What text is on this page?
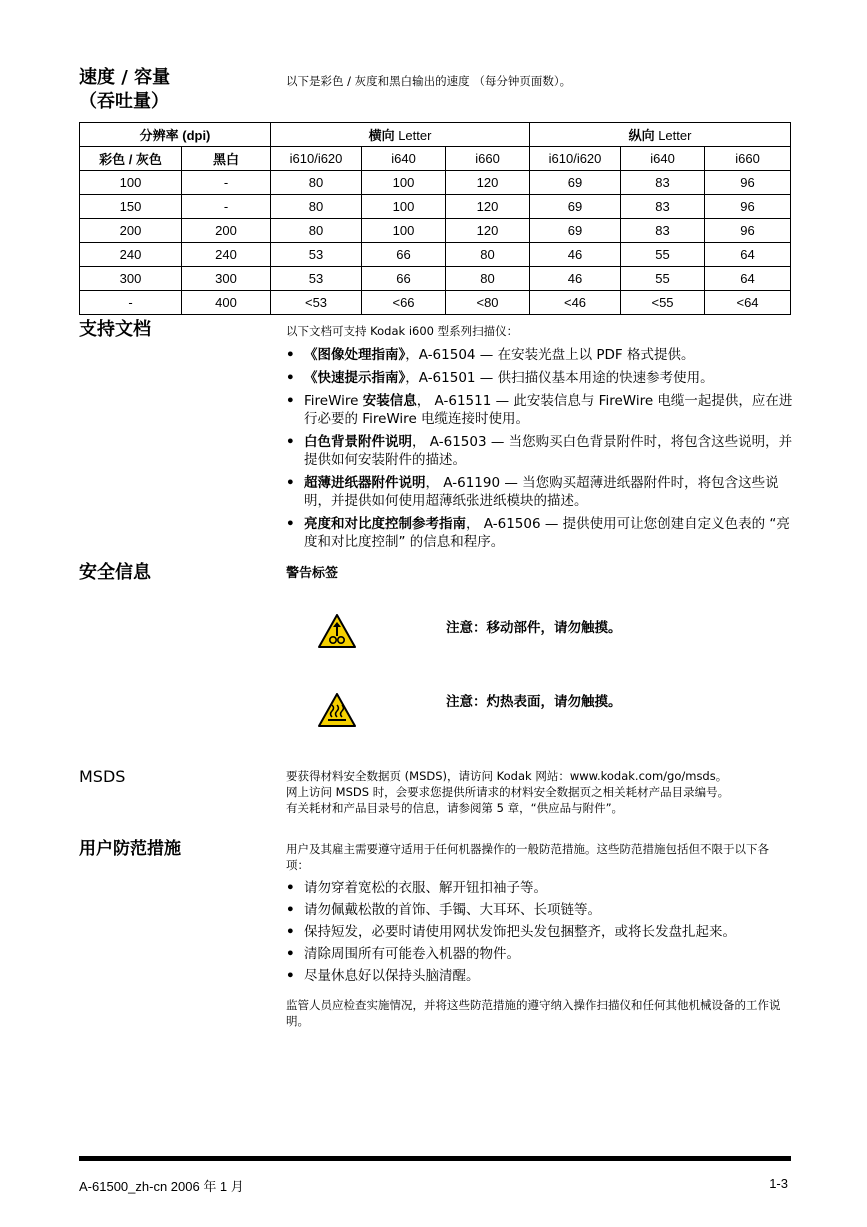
速度 / 容量
（吞吐量）
以下是彩色 / 灰度和黑白输出的速度 （每分钟页面数）。
分辨率 (dpi)		横向 Letter			纵向 Letter		
彩色 / 灰色	黑白	i610/i620	i640	i660	i610/i620	i640	i660
100	-	80	100	120	69	83	96
150	-	80	100	120	69	83	96
200	200	80	100	120	69	83	96
240	240	53	66	80	46	55	64
300	300	53	66	80	46	55	64
-	400	<53	<66	<80	<46	<55	<64
支持文档	以下文档可支持 Kodak i600 型系列扫描仪：
• 《图像处理指南》，A-61504 — 在安装光盘上以 PDF 格式提供。
• 《快速提示指南》，A-61501 — 供扫描仪基本用途的快速参考使用。
• FireWire 安装信息， A-61511 — 此安装信息与 FireWire 电缆一起提供，应在进行必要的 FireWire 电缆连接时使用。
• 白色背景附件说明， A-61503 — 当您购买白色背景附件时，将包含这些说明，并提供如何安装附件的描述。
• 超薄进纸器附件说明， A-61190 — 当您购买超薄进纸器附件时，将包含这些说明，并提供如何使用超薄纸张进纸模块的描述。
• 亮度和对比度控制参考指南， A-61506 — 提供使用可让您创建自定义色表的 “亮度和对比度控制” 的信息和程序。
安全信息	警告标签
注意：移动部件，请勿触摸。
注意：灼热表面，请勿触摸。
MSDS	要获得材料安全数据页 (MSDS)，请访问 Kodak 网站：www.kodak.com/go/msds。
网上访问 MSDS 时，会要求您提供所请求的材料安全数据页之相关耗材产品目录编号。
有关耗材和产品目录号的信息，请参阅第 5 章，“供应品与附件”。
用户防范措施	用户及其雇主需要遵守适用于任何机器操作的一般防范措施。这些防范措施包括但不限于以下各项：
• 请勿穿着宽松的衣服、解开钮扣袖子等。
• 请勿佩戴松散的首饰、手镯、大耳环、长项链等。
• 保持短发，必要时请使用网状发饰把头发包捆整齐，或将长发盘扎起来。
• 清除周围所有可能卷入机器的物件。
• 尽量休息好以保持头脑清醒。
监管人员应检查实施情况，并将这些防范措施的遵守纳入操作扫描仪和任何其他机械设备的工作说明。
A-61500_zh-cn 2006 年 1 月	1-3
